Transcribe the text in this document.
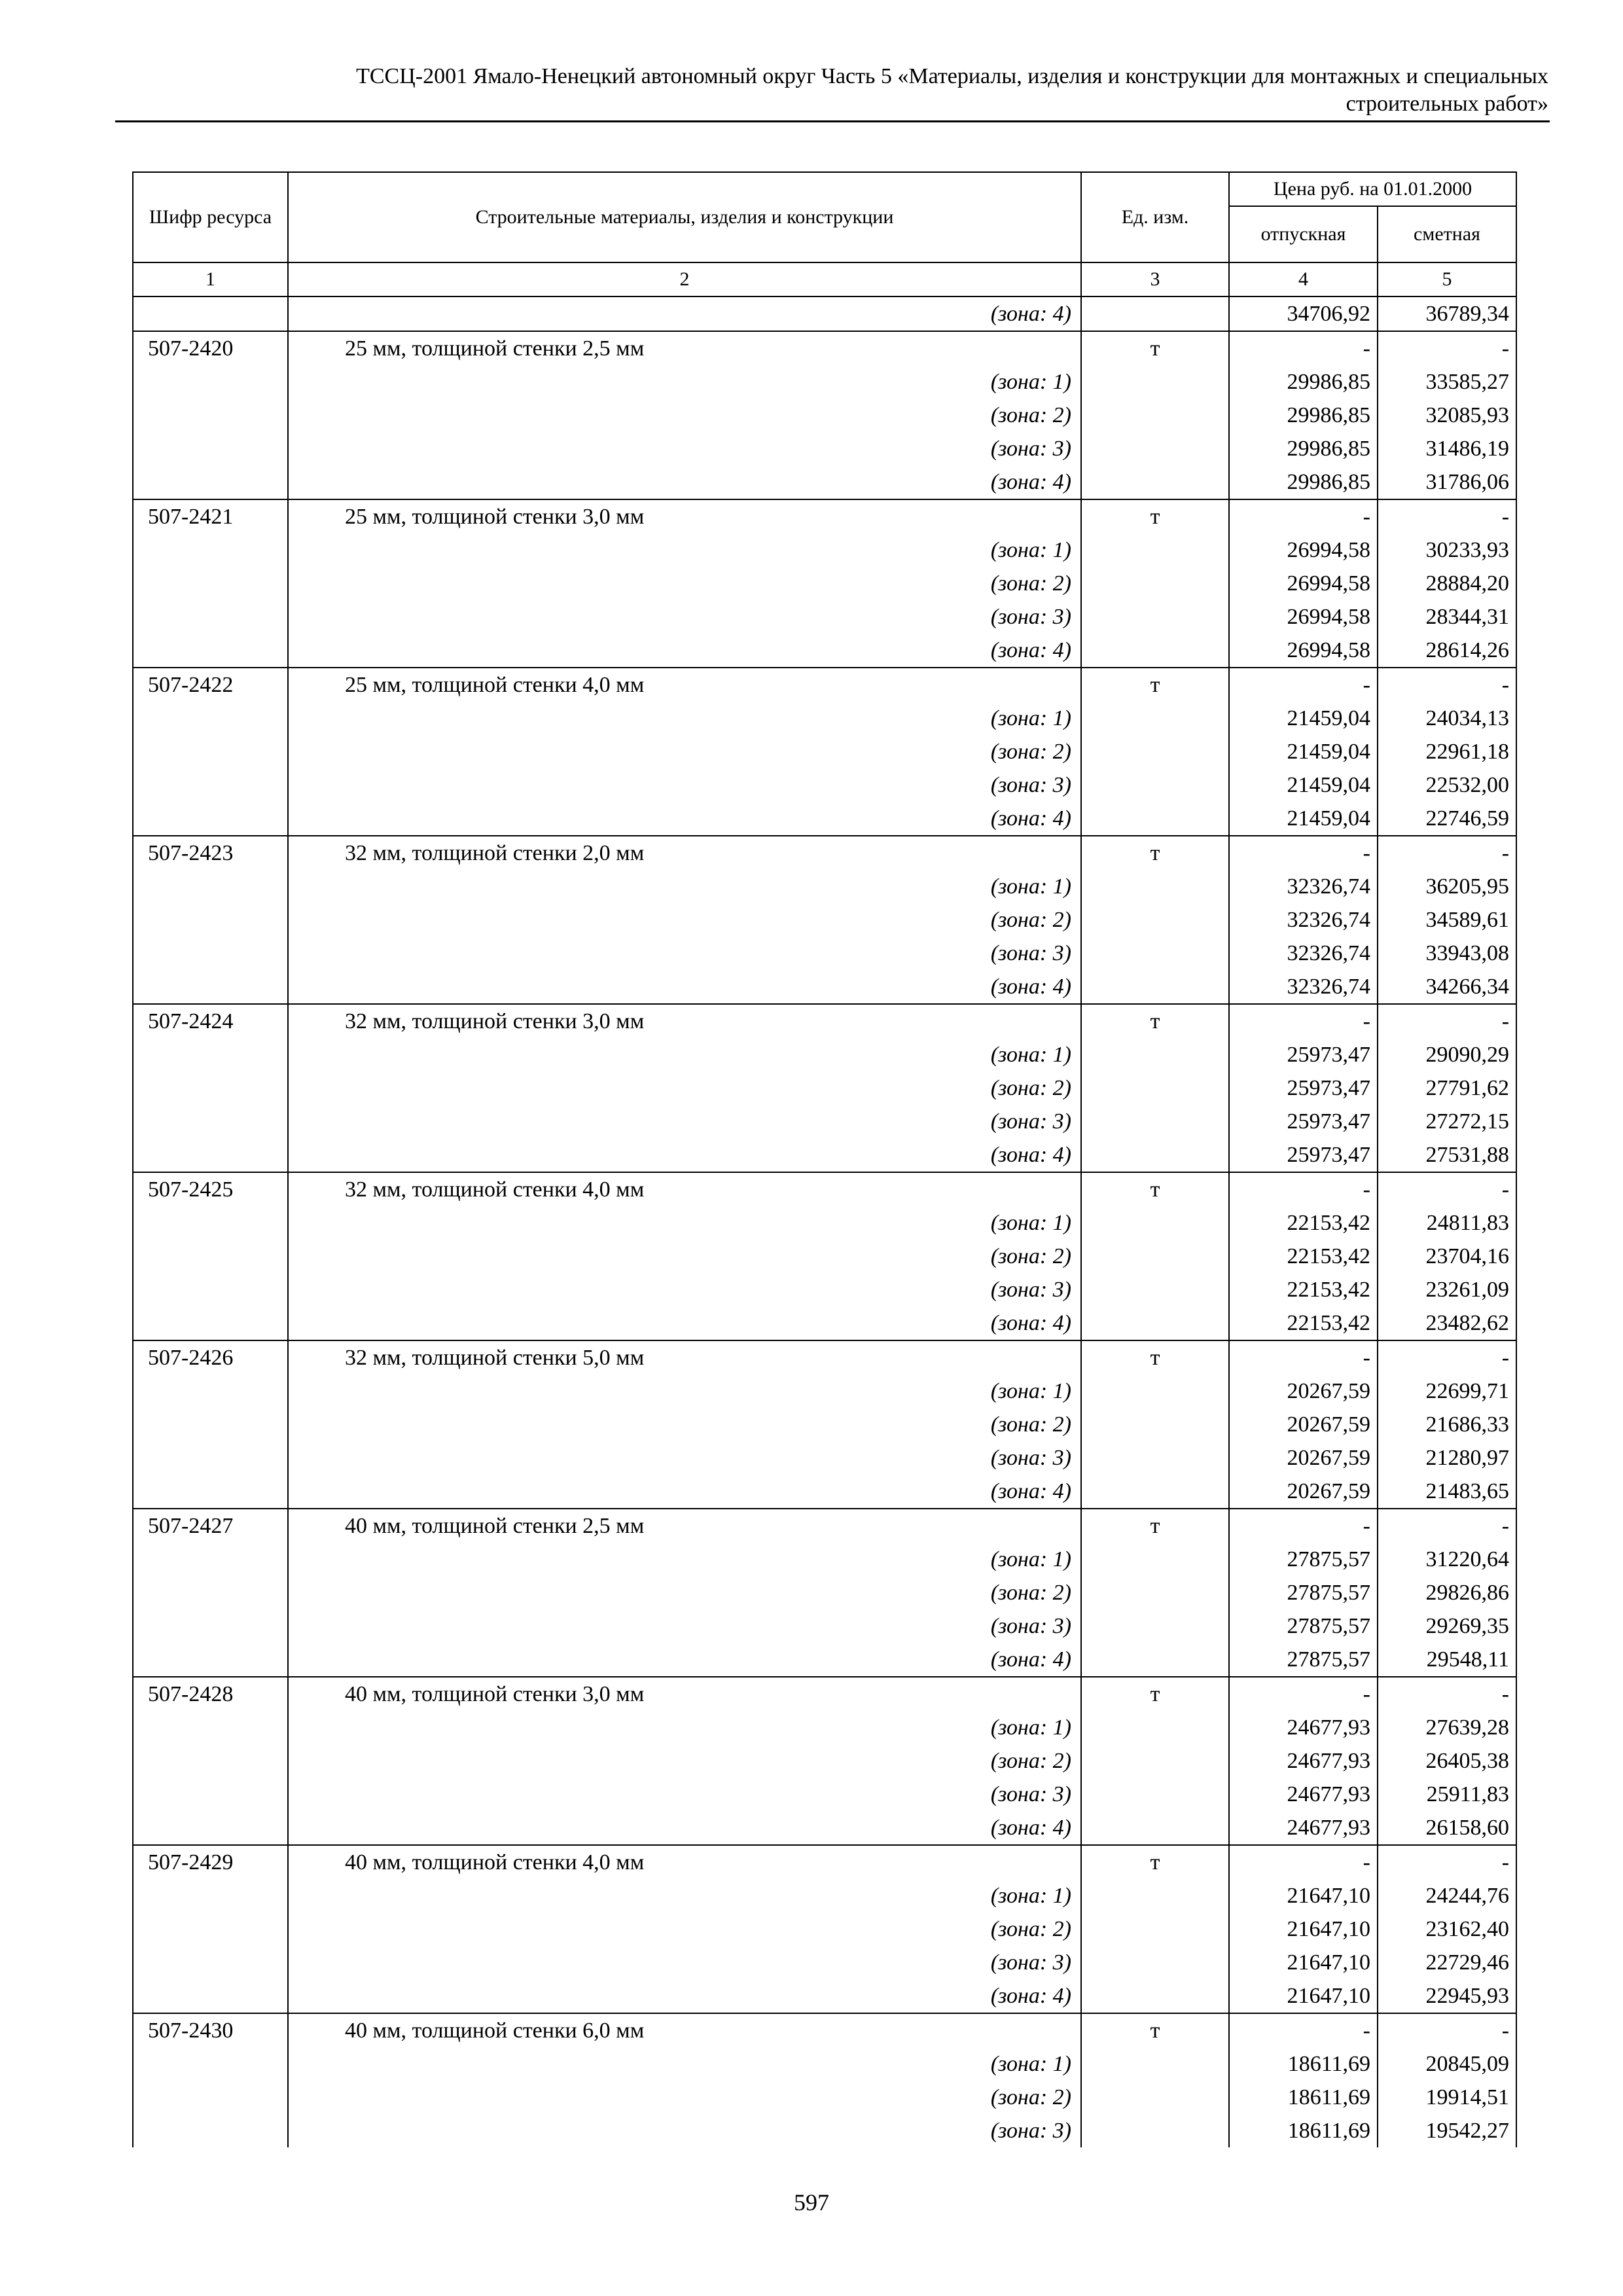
ТССЦ-2001 Ямало-Ненецкий автономный округ Часть 5 «Материалы, изделия и конструкции для монтажных и специальных
строительных работ»
Шифр ресурса	Строительные материалы, изделия и конструкции	Ед. изм.	Цена руб. на 01.01.2000	
			отпускная	сметная
1	2	3	4	5
	(зона: 4)		34706,92	36789,34
507-2420	25 мм, толщиной стенки 2,5 мм	т	-	-
	(зона: 1)		29986,85	33585,27
	(зона: 2)		29986,85	32085,93
	(зона: 3)		29986,85	31486,19
	(зона: 4)		29986,85	31786,06
507-2421	25 мм, толщиной стенки 3,0 мм	т	-	-
	(зона: 1)		26994,58	30233,93
	(зона: 2)		26994,58	28884,20
	(зона: 3)		26994,58	28344,31
	(зона: 4)		26994,58	28614,26
507-2422	25 мм, толщиной стенки 4,0 мм	т	-	-
	(зона: 1)		21459,04	24034,13
	(зона: 2)		21459,04	22961,18
	(зона: 3)		21459,04	22532,00
	(зона: 4)		21459,04	22746,59
507-2423	32 мм, толщиной стенки 2,0 мм	т	-	-
	(зона: 1)		32326,74	36205,95
	(зона: 2)		32326,74	34589,61
	(зона: 3)		32326,74	33943,08
	(зона: 4)		32326,74	34266,34
507-2424	32 мм, толщиной стенки 3,0 мм	т	-	-
	(зона: 1)		25973,47	29090,29
	(зона: 2)		25973,47	27791,62
	(зона: 3)		25973,47	27272,15
	(зона: 4)		25973,47	27531,88
507-2425	32 мм, толщиной стенки 4,0 мм	т	-	-
	(зона: 1)		22153,42	24811,83
	(зона: 2)		22153,42	23704,16
	(зона: 3)		22153,42	23261,09
	(зона: 4)		22153,42	23482,62
507-2426	32 мм, толщиной стенки 5,0 мм	т	-	-
	(зона: 1)		20267,59	22699,71
	(зона: 2)		20267,59	21686,33
	(зона: 3)		20267,59	21280,97
	(зона: 4)		20267,59	21483,65
507-2427	40 мм, толщиной стенки 2,5 мм	т	-	-
	(зона: 1)		27875,57	31220,64
	(зона: 2)		27875,57	29826,86
	(зона: 3)		27875,57	29269,35
	(зона: 4)		27875,57	29548,11
507-2428	40 мм, толщиной стенки 3,0 мм	т	-	-
	(зона: 1)		24677,93	27639,28
	(зона: 2)		24677,93	26405,38
	(зона: 3)		24677,93	25911,83
	(зона: 4)		24677,93	26158,60
507-2429	40 мм, толщиной стенки 4,0 мм	т	-	-
	(зона: 1)		21647,10	24244,76
	(зона: 2)		21647,10	23162,40
	(зона: 3)		21647,10	22729,46
	(зона: 4)		21647,10	22945,93
507-2430	40 мм, толщиной стенки 6,0 мм	т	-	-
	(зона: 1)		18611,69	20845,09
	(зона: 2)		18611,69	19914,51
	(зона: 3)		18611,69	19542,27
597
